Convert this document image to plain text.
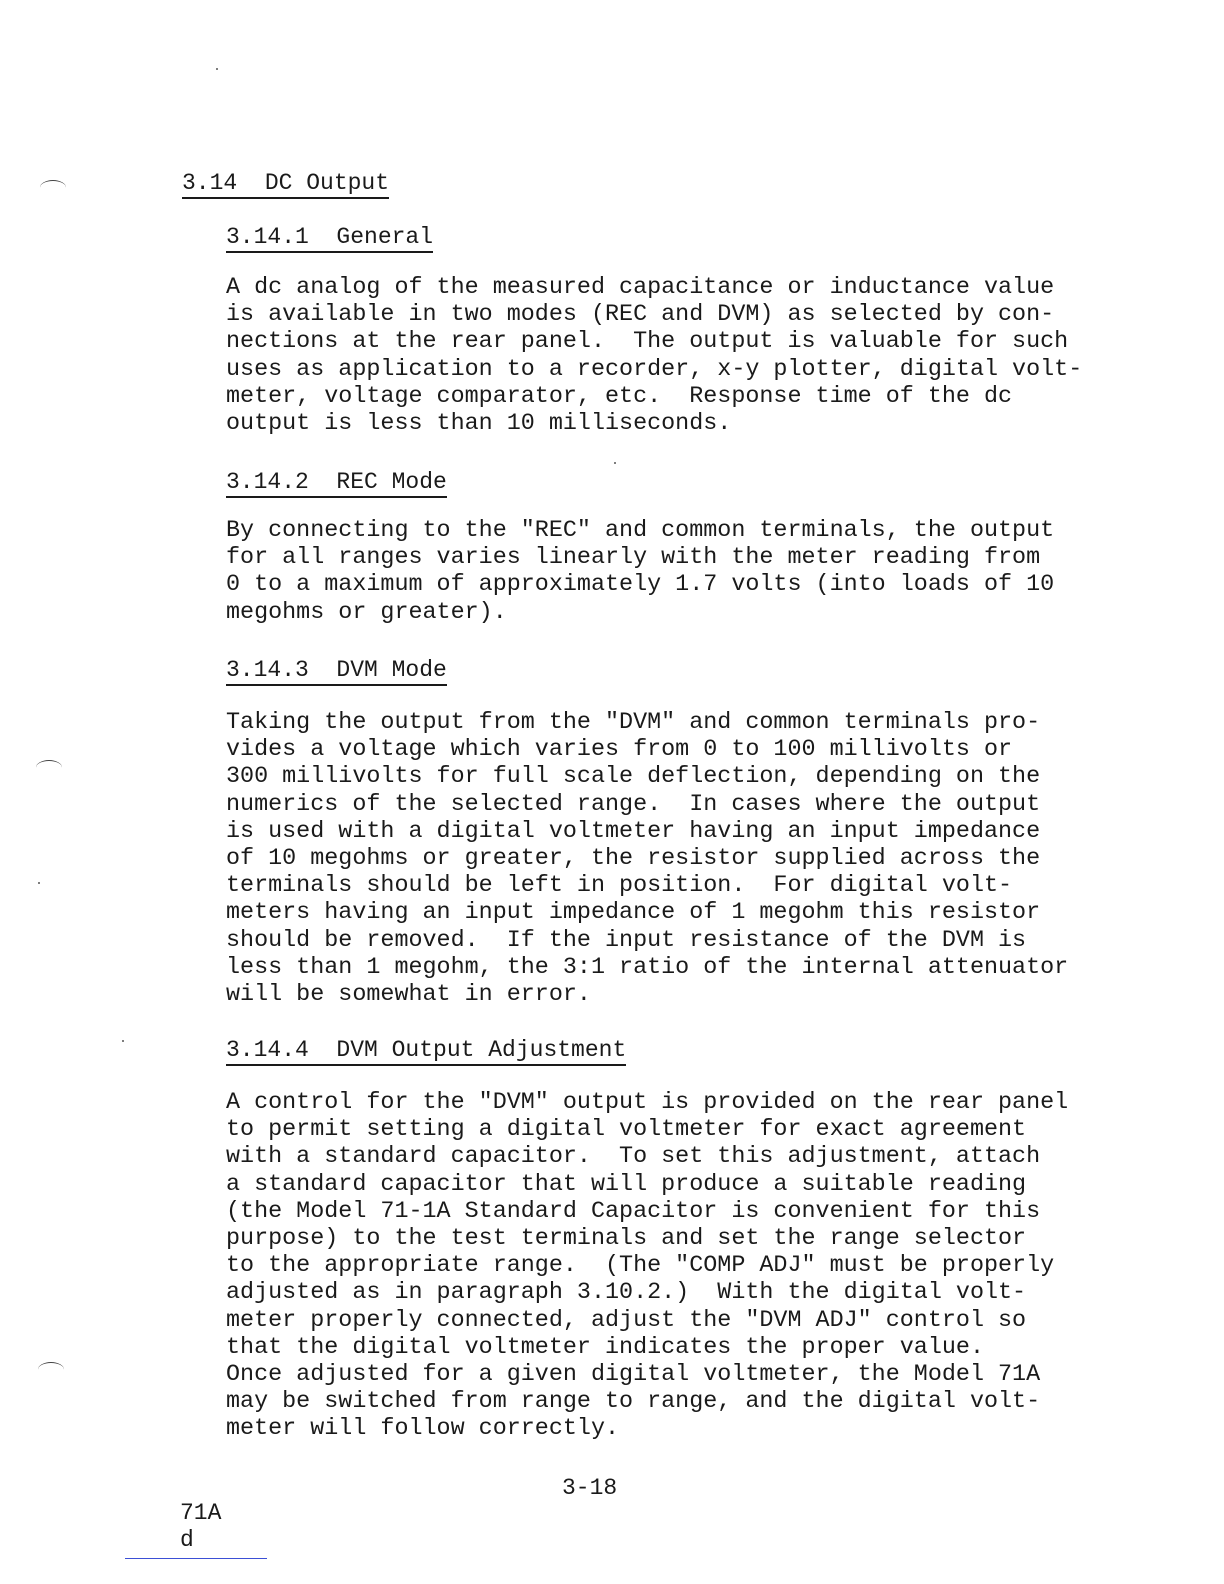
3.14  DC Output
3.14.1  General
A dc analog of the measured capacitance or inductance value
is available in two modes (REC and DVM) as selected by con-
nections at the rear panel.  The output is valuable for such
uses as application to a recorder, x-y plotter, digital volt-
meter, voltage comparator, etc.  Response time of the dc
output is less than 10 milliseconds.
3.14.2  REC Mode
By connecting to the "REC" and common terminals, the output
for all ranges varies linearly with the meter reading from
0 to a maximum of approximately 1.7 volts (into loads of 10
megohms or greater).
3.14.3  DVM Mode
Taking the output from the "DVM" and common terminals pro-
vides a voltage which varies from 0 to 100 millivolts or
300 millivolts for full scale deflection, depending on the
numerics of the selected range.  In cases where the output
is used with a digital voltmeter having an input impedance
of 10 megohms or greater, the resistor supplied across the
terminals should be left in position.  For digital volt-
meters having an input impedance of 1 megohm this resistor
should be removed.  If the input resistance of the DVM is
less than 1 megohm, the 3:1 ratio of the internal attenuator
will be somewhat in error.
3.14.4  DVM Output Adjustment
A control for the "DVM" output is provided on the rear panel
to permit setting a digital voltmeter for exact agreement
with a standard capacitor.  To set this adjustment, attach
a standard capacitor that will produce a suitable reading
(the Model 71-1A Standard Capacitor is convenient for this
purpose) to the test terminals and set the range selector
to the appropriate range.  (The "COMP ADJ" must be properly
adjusted as in paragraph 3.10.2.)  With the digital volt-
meter properly connected, adjust the "DVM ADJ" control so
that the digital voltmeter indicates the proper value.
Once adjusted for a given digital voltmeter, the Model 71A
may be switched from range to range, and the digital volt-
meter will follow correctly.
3-18
71A
d
